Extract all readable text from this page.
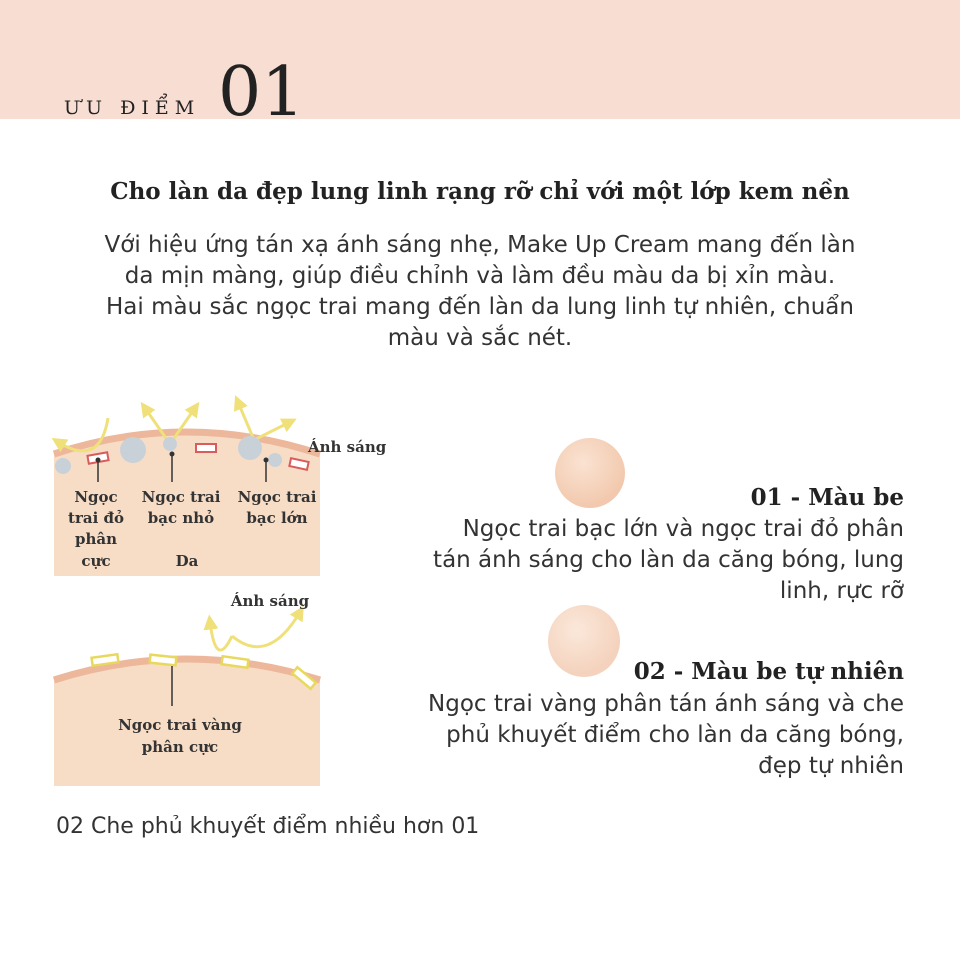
ƯU ĐIỂM 01
Cho làn da đẹp lung linh rạng rỡ chỉ với một lớp kem nền
Với hiệu ứng tán xạ ánh sáng nhẹ, Make Up Cream mang đến làn
da mịn màng, giúp điều chỉnh và làm đều màu da bị xỉn màu.
Hai màu sắc ngọc trai mang đến làn da lung linh tự nhiên, chuẩn
màu và sắc nét.
Ánh sáng
Ngọc
trai đỏ
phân
cực
Ngọc trai
bạc nhỏ
Ngọc trai
bạc lớn
Da
Ánh sáng
Ngọc trai vàng
phân cực
01 - Màu be
Ngọc trai bạc lớn và ngọc trai đỏ phân
tán ánh sáng cho làn da căng bóng, lung
linh, rực rỡ
02 - Màu be tự nhiên
Ngọc trai vàng phân tán ánh sáng và che
phủ khuyết điểm cho làn da căng bóng,
đẹp tự nhiên
02 Che phủ khuyết điểm nhiều hơn 01
